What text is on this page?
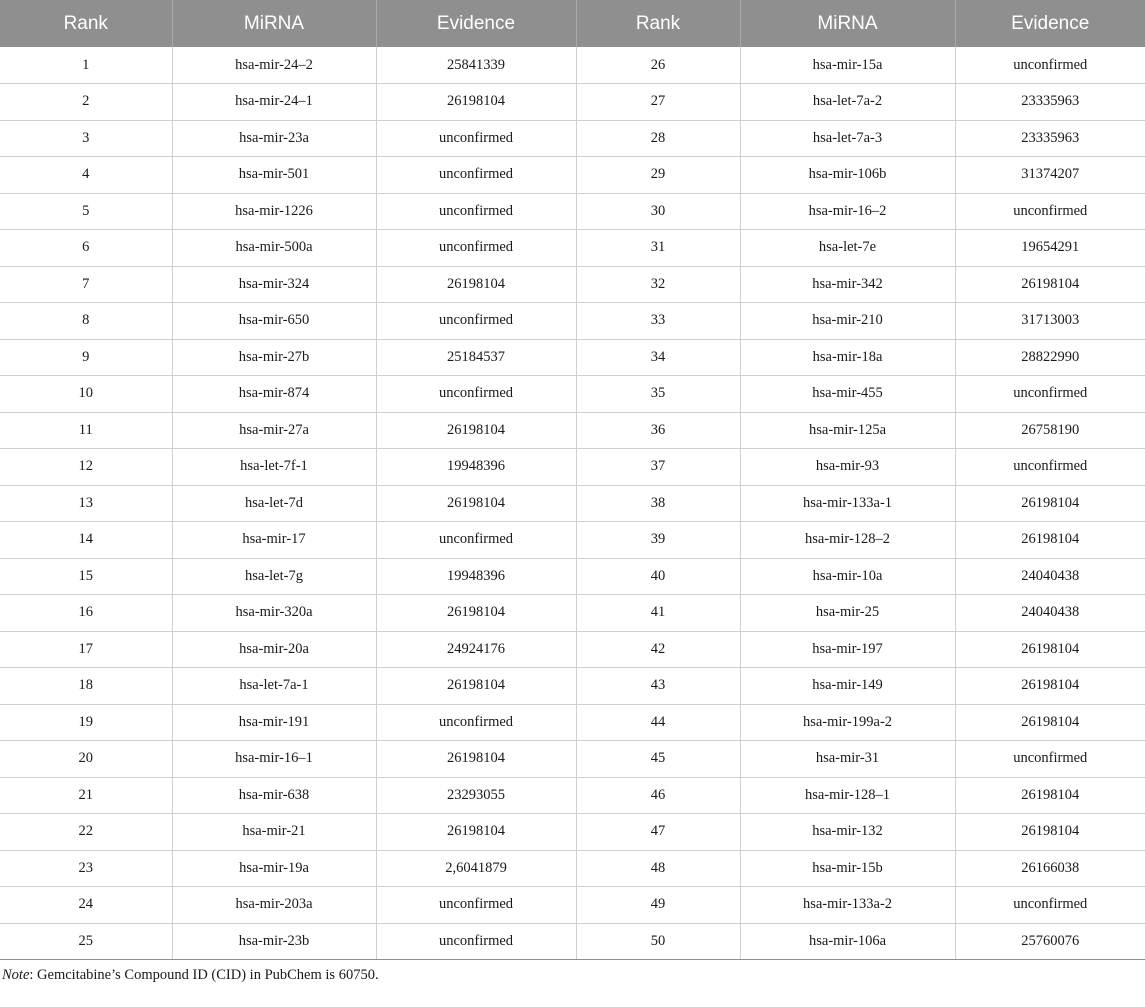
Rank	MiRNA	Evidence	Rank	MiRNA	Evidence
1	hsa-mir-24–2	25841339	26	hsa-mir-15a	unconfirmed
2	hsa-mir-24–1	26198104	27	hsa-let-7a-2	23335963
3	hsa-mir-23a	unconfirmed	28	hsa-let-7a-3	23335963
4	hsa-mir-501	unconfirmed	29	hsa-mir-106b	31374207
5	hsa-mir-1226	unconfirmed	30	hsa-mir-16–2	unconfirmed
6	hsa-mir-500a	unconfirmed	31	hsa-let-7e	19654291
7	hsa-mir-324	26198104	32	hsa-mir-342	26198104
8	hsa-mir-650	unconfirmed	33	hsa-mir-210	31713003
9	hsa-mir-27b	25184537	34	hsa-mir-18a	28822990
10	hsa-mir-874	unconfirmed	35	hsa-mir-455	unconfirmed
11	hsa-mir-27a	26198104	36	hsa-mir-125a	26758190
12	hsa-let-7f-1	19948396	37	hsa-mir-93	unconfirmed
13	hsa-let-7d	26198104	38	hsa-mir-133a-1	26198104
14	hsa-mir-17	unconfirmed	39	hsa-mir-128–2	26198104
15	hsa-let-7g	19948396	40	hsa-mir-10a	24040438
16	hsa-mir-320a	26198104	41	hsa-mir-25	24040438
17	hsa-mir-20a	24924176	42	hsa-mir-197	26198104
18	hsa-let-7a-1	26198104	43	hsa-mir-149	26198104
19	hsa-mir-191	unconfirmed	44	hsa-mir-199a-2	26198104
20	hsa-mir-16–1	26198104	45	hsa-mir-31	unconfirmed
21	hsa-mir-638	23293055	46	hsa-mir-128–1	26198104
22	hsa-mir-21	26198104	47	hsa-mir-132	26198104
23	hsa-mir-19a	2,6041879	48	hsa-mir-15b	26166038
24	hsa-mir-203a	unconfirmed	49	hsa-mir-133a-2	unconfirmed
25	hsa-mir-23b	unconfirmed	50	hsa-mir-106a	25760076
Note: Gemcitabine’s Compound ID (CID) in PubChem is 60750.
